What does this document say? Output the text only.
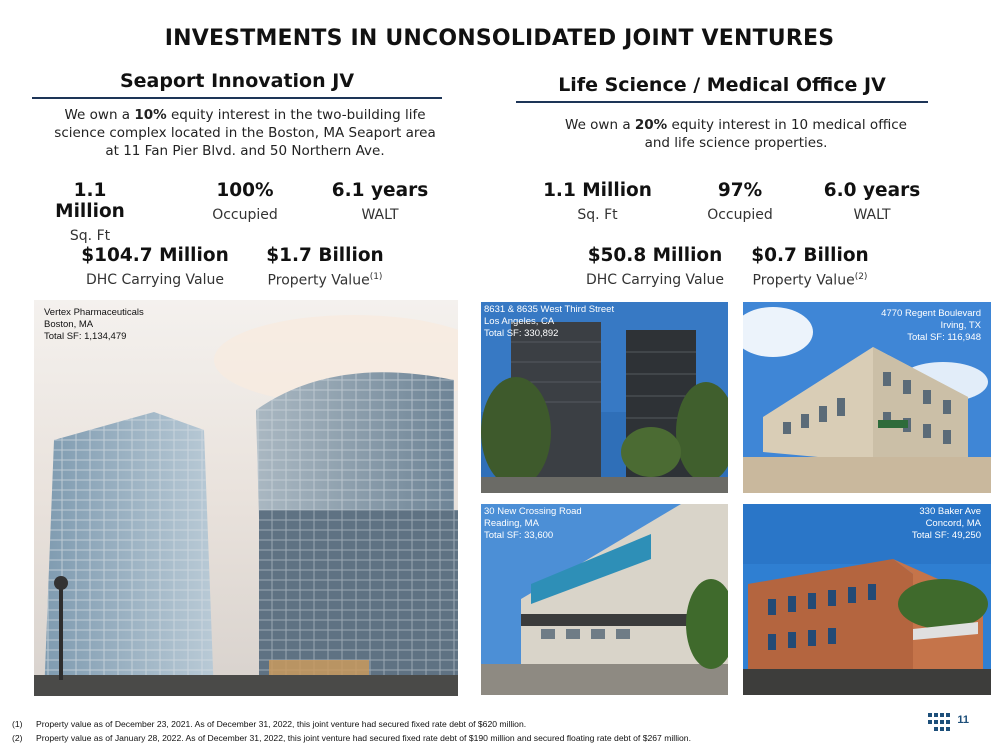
INVESTMENTS IN UNCONSOLIDATED JOINT VENTURES
Seaport Innovation JV
We own a 10% equity interest in the two-building life science complex located in the Boston, MA Seaport area at 11 Fan Pier Blvd. and 50 Northern Ave.
1.1 Million
Sq. Ft
100%
Occupied
6.1 years
WALT
$104.7 Million
DHC Carrying Value
$1.7 Billion
Property Value$^{(1)}$
Life Science / Medical Office JV
We own a 20% equity interest in 10 medical office and life science properties.
1.1 Million
Sq. Ft
97%
Occupied
6.0 years
WALT
$50.8 Million
DHC Carrying Value
$0.7 Billion
Property Value$^{(2)}$
Vertex Pharmaceuticals
Boston, MA
Total SF: 1,134,479
8631 & 8635 West Third Street
Los Angeles, CA
Total SF: 330,892
4770 Regent Boulevard
Irving, TX
Total SF: 116,948
30 New Crossing Road
Reading, MA
Total SF: 33,600
330 Baker Ave
Concord, MA
Total SF: 49,250
(1) Property value as of December 23, 2021. As of December 31, 2022, this joint venture had secured fixed rate debt of $620 million.
(2) Property value as of January 28, 2022. As of December 31, 2022, this joint venture had secured fixed rate debt of $190 million and secured floating rate debt of $267 million.
11
